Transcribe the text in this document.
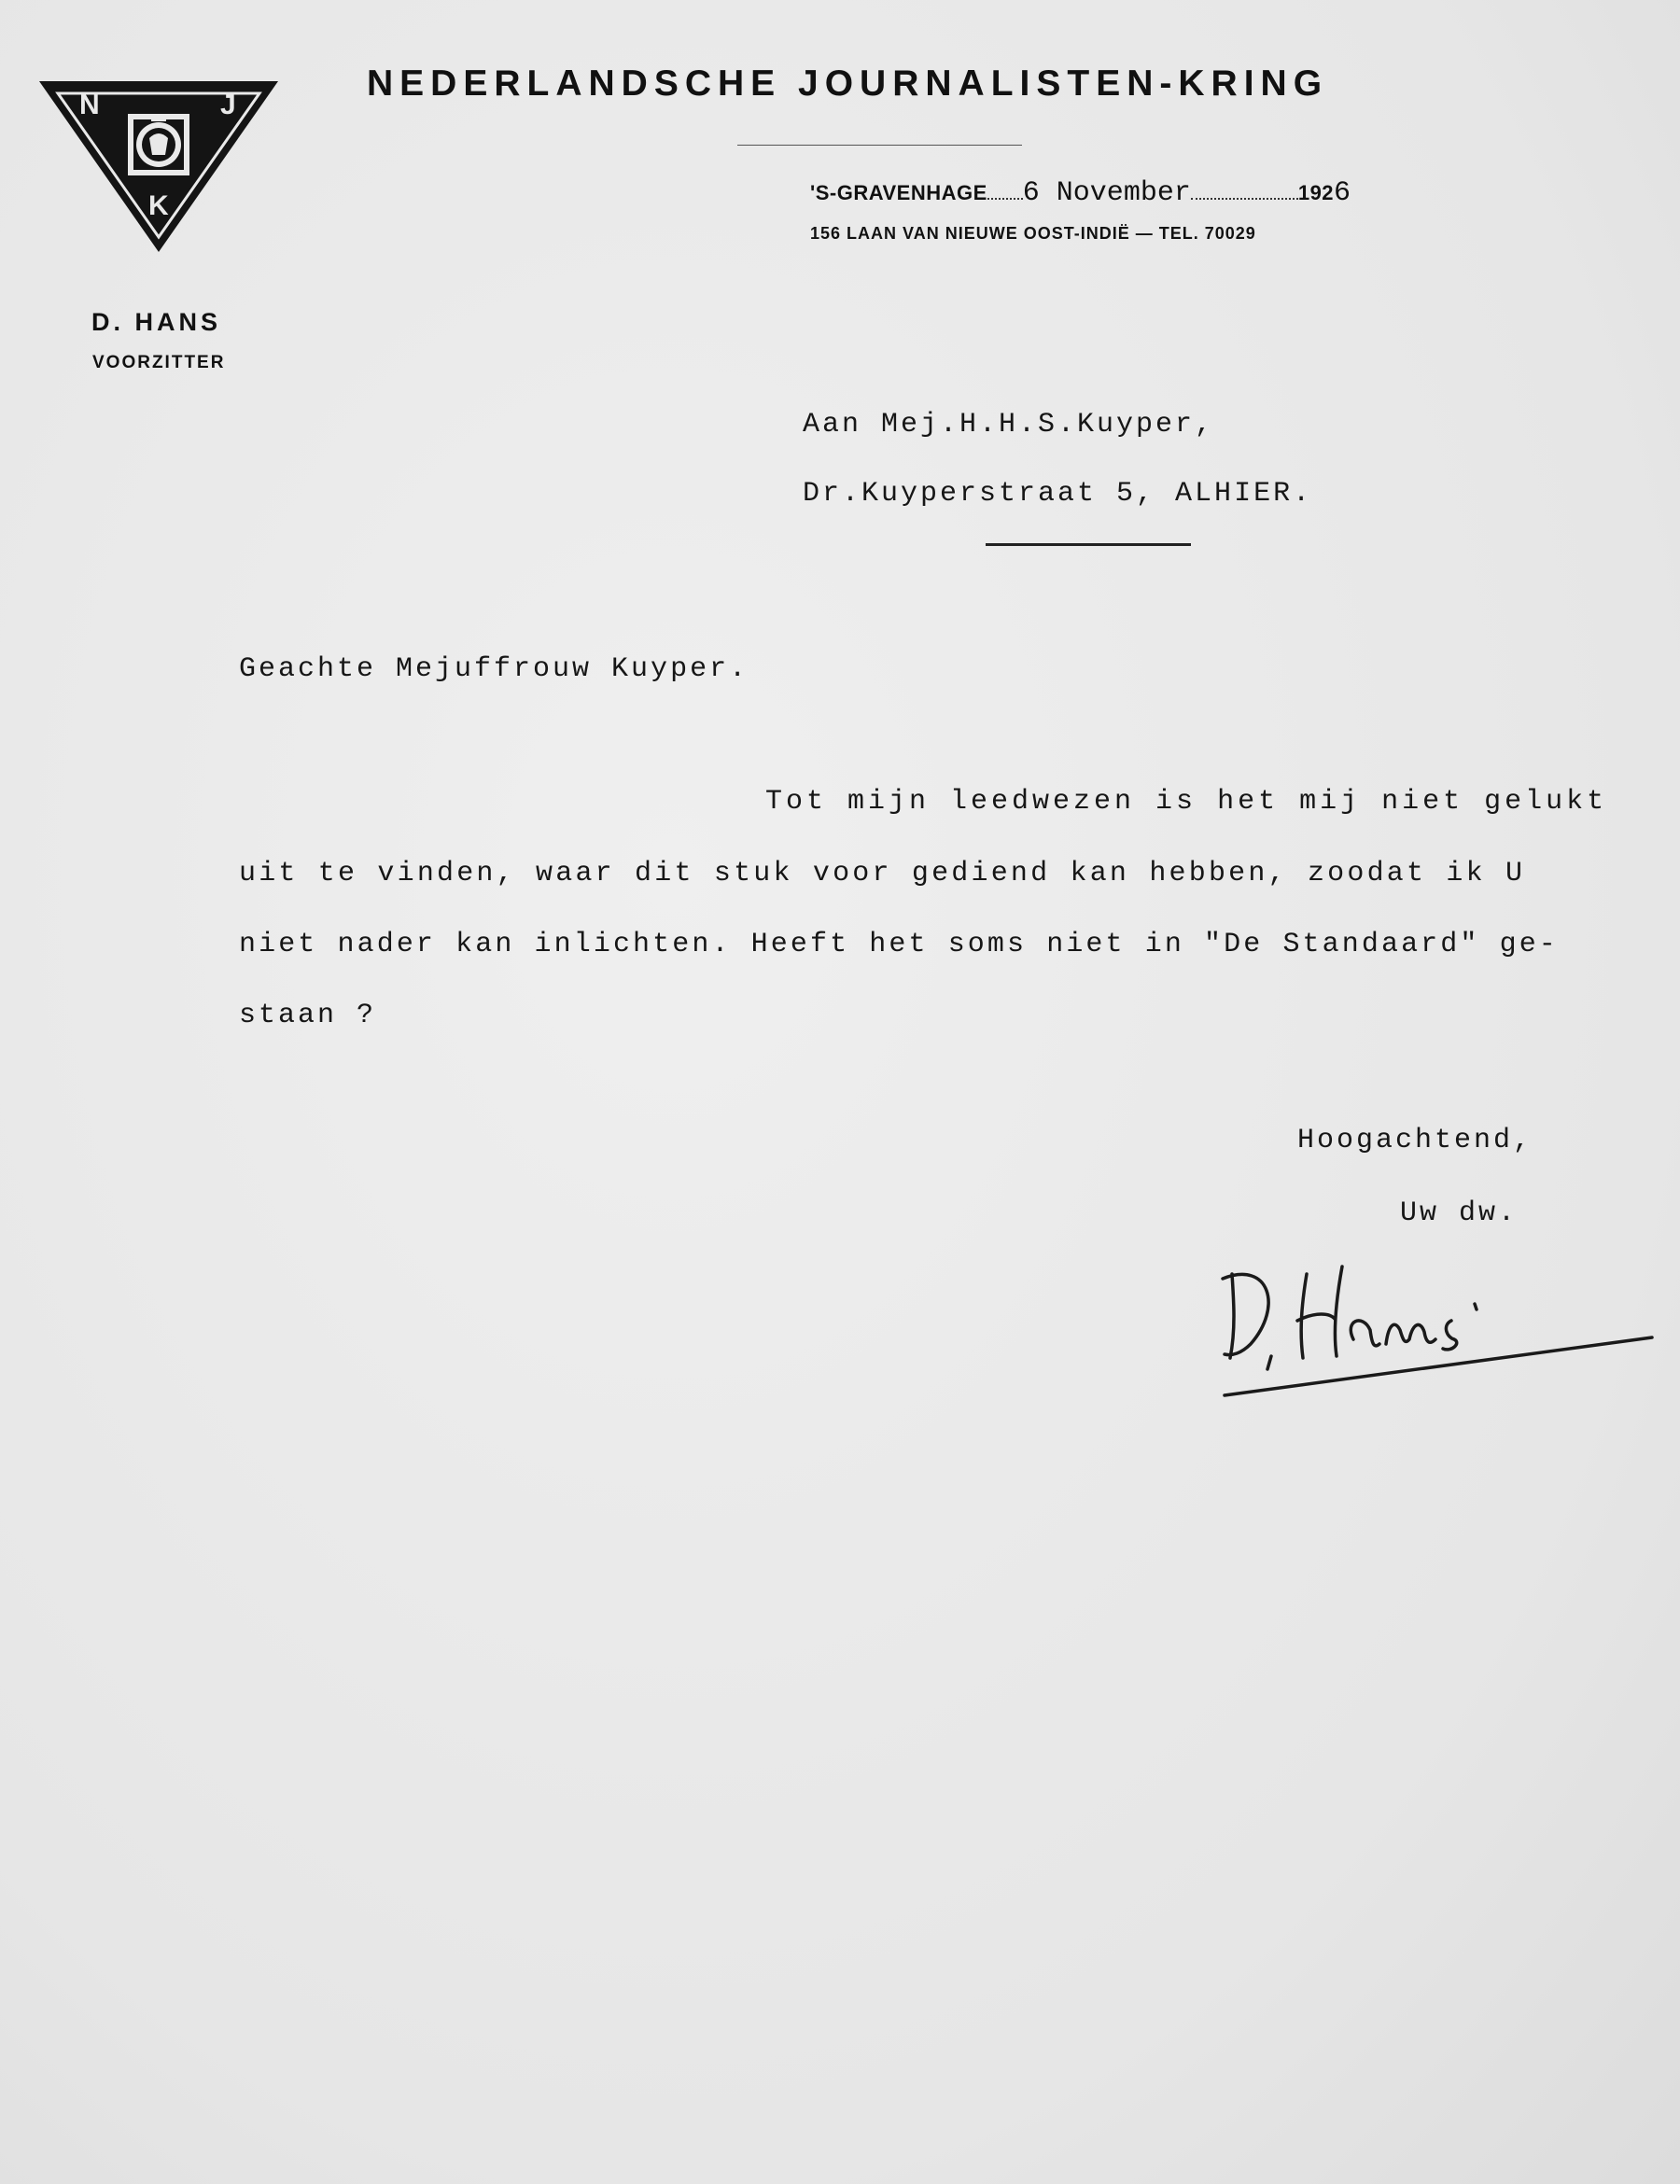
N	J
K
D. HANS
VOORZITTER
NEDERLANDSCHE JOURNALISTEN-KRING
'S-GRAVENHAGE 6 November	1926
156 LAAN VAN NIEUWE OOST-INDIË — TEL. 70029
Aan Mej.H.H.S.Kuyper,
Dr.Kuyperstraat 5, ALHIER.
Geachte Mejuffrouw Kuyper.
Tot mijn leedwezen is het mij niet gelukt
uit te vinden, waar dit stuk voor gediend kan hebben, zoodat ik U
niet nader kan inlichten. Heeft het soms niet in "De Standaard" ge-
staan ?
Hoogachtend,
Uw dw.
